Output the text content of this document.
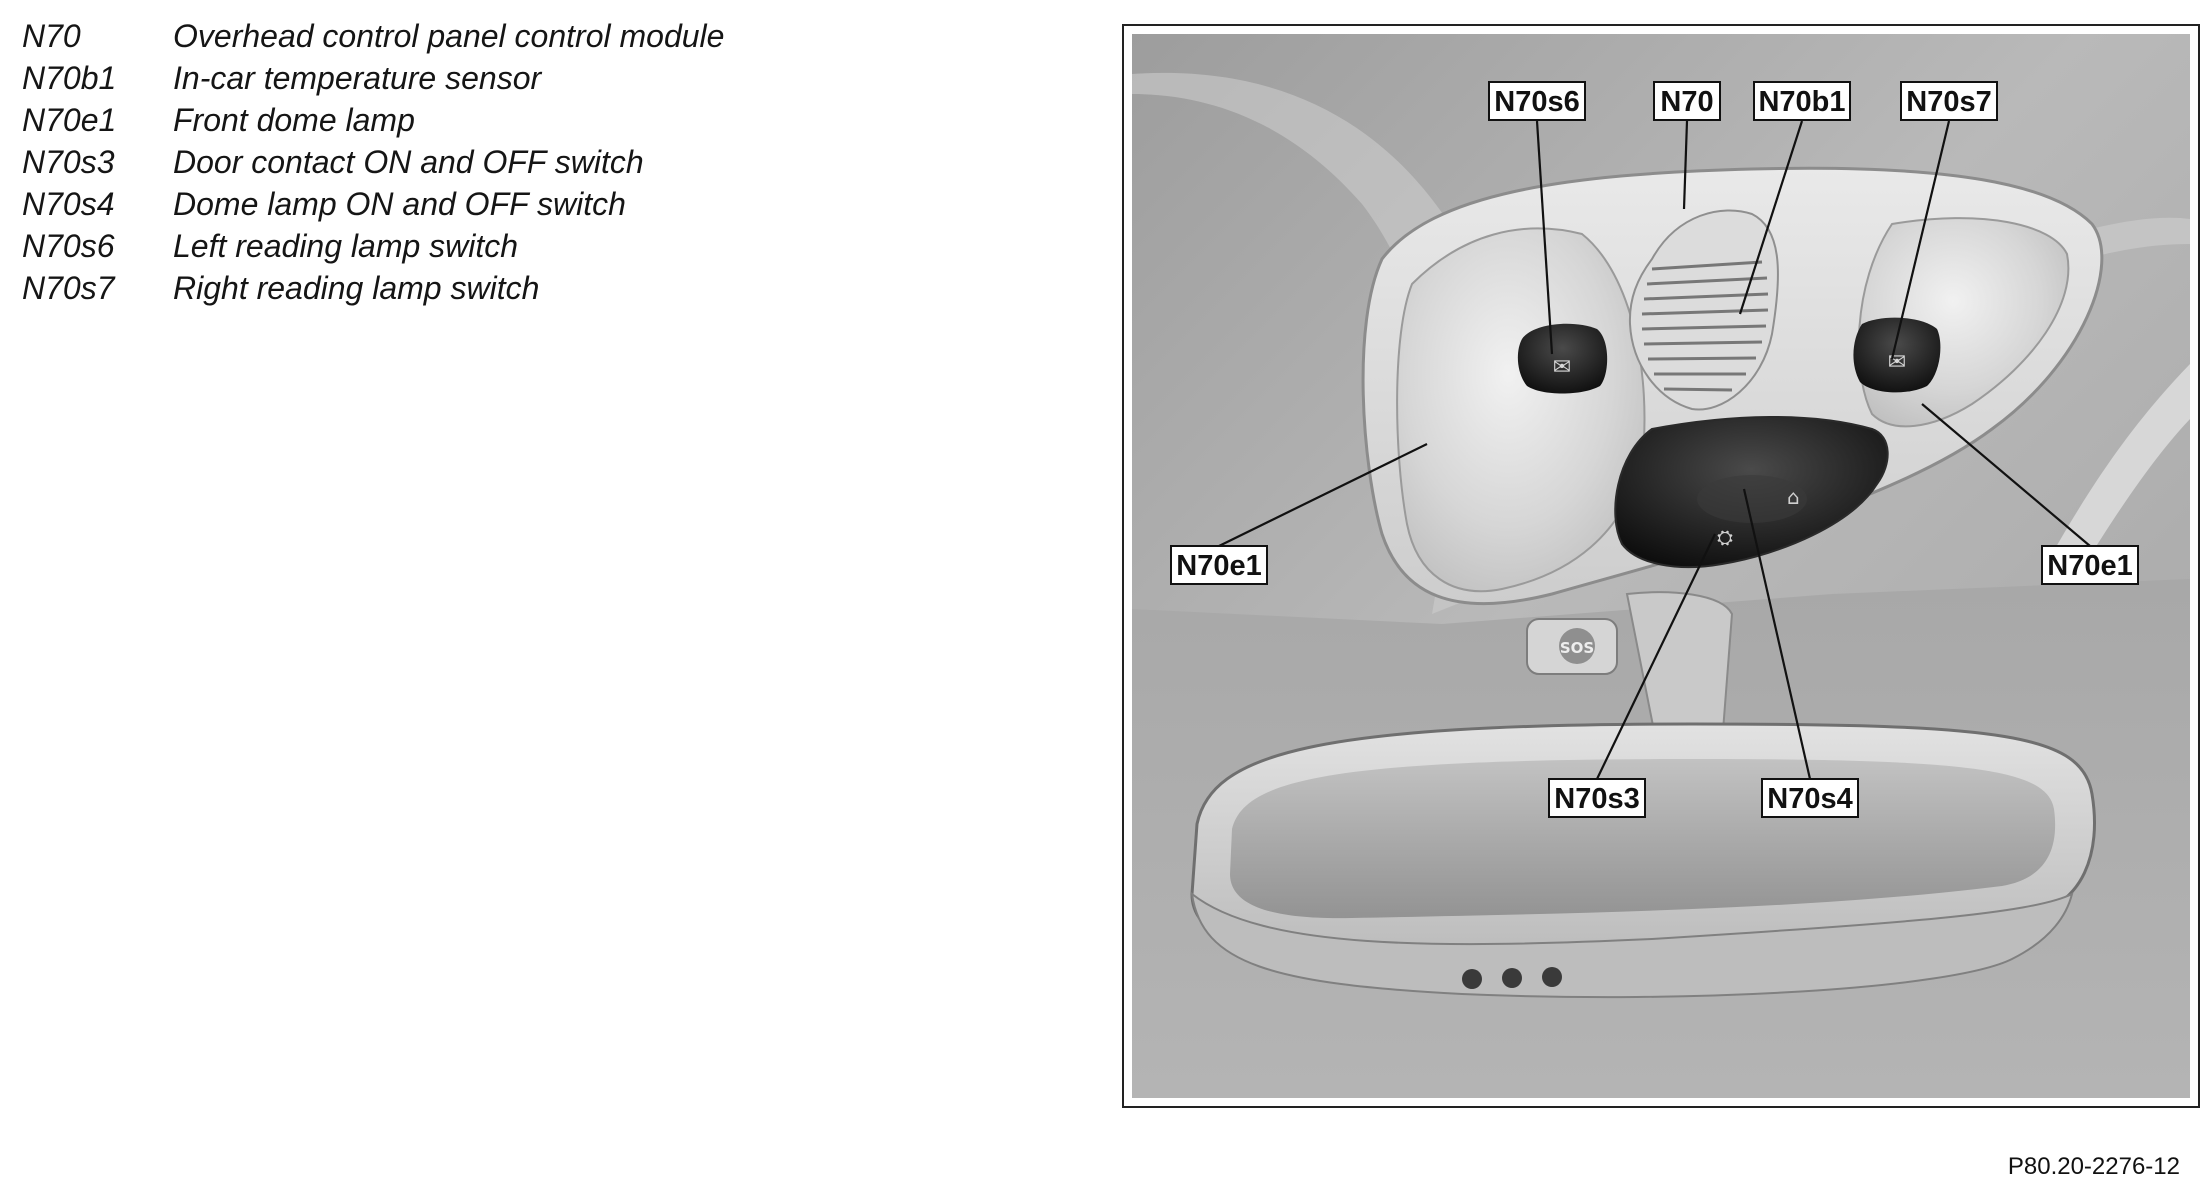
N70	Overhead control panel control module
N70b1	In-car temperature sensor
N70e1	Front dome lamp
N70s3	Door contact ON and OFF switch
N70s4	Dome lamp ON and OFF switch
N70s6	Left reading lamp switch
N70s7	Right reading lamp switch
✉	✉
⛭
⌂
SOS
N70s6	N70 N70b1 N70s7
N70e1	N70e1
N70s3	N70s4
P80.20-2276-12
